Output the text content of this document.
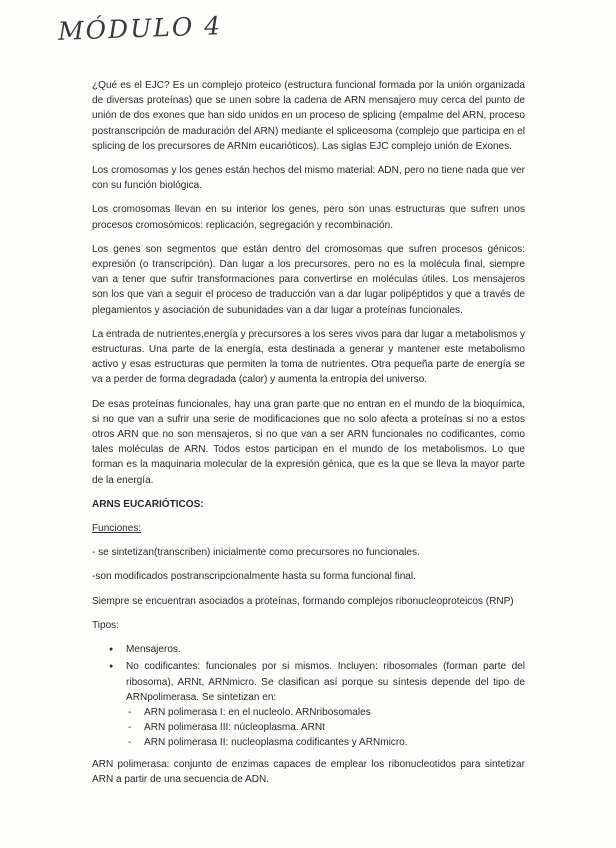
MÓDULO 4

¿Qué es el EJC? Es un complejo proteico (estructura funcional formada por la unión organizada de diversas proteínas) que se unen sobre la cadena de ARN mensajero muy cerca del punto de unión de dos exones que han sido unidos en un proceso de splicing (empalme del ARN, proceso postranscripción de maduración del ARN) mediante el spliceosoma (complejo que participa en el splicing de los precursores de ARNm eucarióticos). Las siglas EJC complejo unión de Exones.

Los cromosomas y los genes están hechos del mismo material: ADN, pero no tiene nada que ver con su función biológica.

Los cromosomas llevan en su interior los genes, pero son unas estructuras que sufren unos procesos cromosómicos: replicación, segregación y recombinación.

Los genes son segmentos que están dentro del cromosomas que sufren procesos génicos: expresión (o transcripción). Dan lugar a los precursores, pero no es la molécula final, siempre van a tener que sufrir transformaciones para convertirse en moléculas útiles. Los mensajeros son los que van a seguir el proceso de traducción van a dar lugar polipéptidos y que a través de plegamientos y asociación de subunidades van a dar lugar a proteínas funcionales.

La entrada de nutrientes,energía y precursores a los seres vivos para dar lugar a metabolismos y estructuras. Una parte de la energía, esta destinada a generar y mantener este metabolismo activo y esas estructuras que permiten la toma de nutrientes. Otra pequeña parte de energía se va a perder de forma degradada (calor) y aumenta la entropía del universo.

De esas proteínas funcionales, hay una gran parte que no entran en el mundo de la bioquímica, si no que van a sufrir una serie de modificaciones que no solo afecta a proteínas si no a estos otros ARN que no son mensajeros, si no que van a ser ARN funcionales no codificantes, como tales moléculas de ARN. Todos estos participan en el mundo de los metabolismos. Lo que forman es la maquinaria molecular de la expresión génica, que es la que se lleva la mayor parte de la energía.

ARNS EUCARIÓTICOS:
Funciones:
- se sintetizan(transcriben) inicialmente como precursores no funcionales.
-son modificados postranscripcionalmente hasta su forma funcional final.
Siempre se encuentran asociados a proteínas, formando complejos ribonucleoproteicos (RNP)
Tipos:
● Mensajeros.
● No codificantes: funcionales por si mismos. Incluyen: ribosomales (forman parte del ribosoma), ARNt, ARNmicro. Se clasifican así porque su síntesis depende del tipo de ARNpolimerasa. Se sintetizan en:
- ARN polimerasa I: en el nucleolo. ARNribosomales
- ARN polimerasa III: núcleoplasma. ARNt
- ARN polimerasa II: nucleoplasma codificantes y ARNmicro.

ARN polimerasa: conjunto de enzimas capaces de emplear los ribonucleotidos para sintetizar ARN a partir de una secuencia de ADN.
